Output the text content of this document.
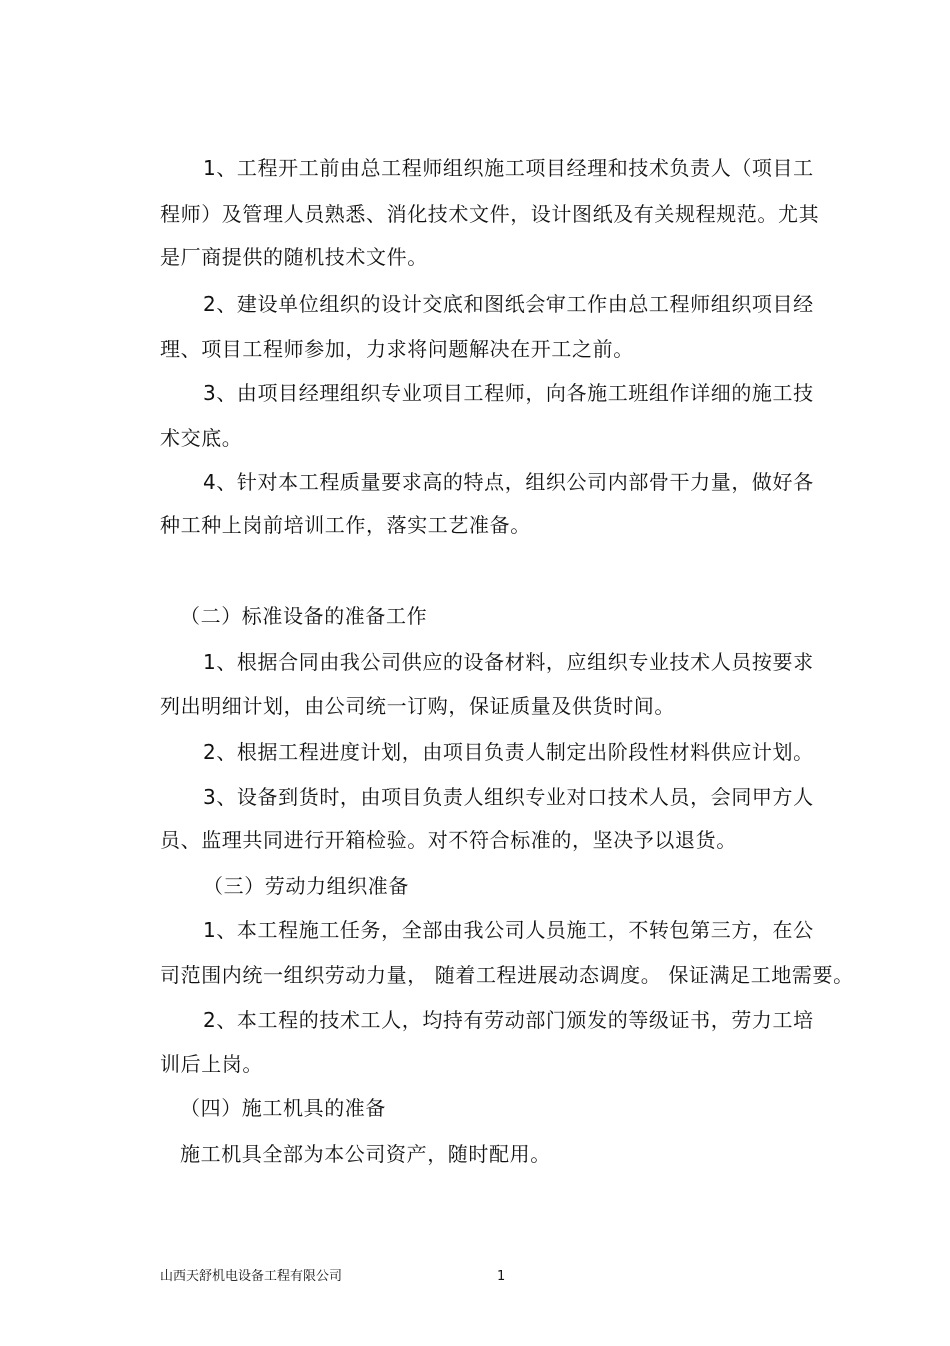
1、工程开工前由总工程师组织施工项目经理和技术负责人（项目工
程师）及管理人员熟悉、消化技术文件，设计图纸及有关规程规范。尤其
是厂商提供的随机技术文件。
2、建设单位组织的设计交底和图纸会审工作由总工程师组织项目经
理、项目工程师参加，力求将问题解决在开工之前。
3、由项目经理组织专业项目工程师，向各施工班组作详细的施工技
术交底。
4、针对本工程质量要求高的特点，组织公司内部骨干力量，做好各
种工种上岗前培训工作，落实工艺准备。
（二）标准设备的准备工作
1、根据合同由我公司供应的设备材料，应组织专业技术人员按要求
列出明细计划，由公司统一订购，保证质量及供货时间。
2、根据工程进度计划，由项目负责人制定出阶段性材料供应计划。
3、设备到货时，由项目负责人组织专业对口技术人员，会同甲方人
员、监理共同进行开箱检验。对不符合标准的，坚决予以退货。
（三）劳动力组织准备
1、本工程施工任务，全部由我公司人员施工，不转包第三方，在公
司范围内统一组织劳动力量， 随着工程进展动态调度。 保证满足工地需要。
2、本工程的技术工人，均持有劳动部门颁发的等级证书，劳力工培
训后上岗。
（四）施工机具的准备
施工机具全部为本公司资产，随时配用。
山西天舒机电设备工程有限公司	1
